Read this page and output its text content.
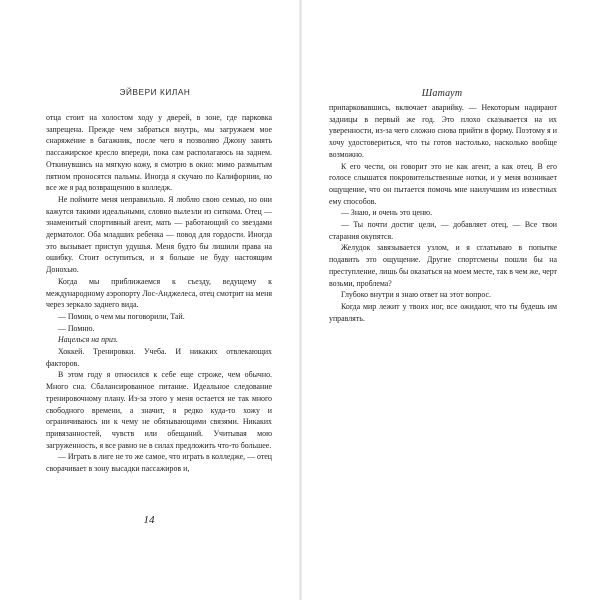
ЭЙВЕРИ КИЛАН

отца стоит на холостом ходу у дверей, в зоне, где парковка запрещена. Прежде чем забраться внутрь, мы загружаем мое снаряжение в багажник, после чего я позволяю Джону занять пассажирское кресло впереди, пока сам располагаюсь на заднем. Откинувшись на мягкую кожу, я смотрю в окно: мимо размытым пятном проносятся пальмы. Иногда я скучаю по Калифорнии, но все же я рад возвращению в колледж.

Не поймите меня неправильно. Я люблю свою семью, но они кажутся такими идеальными, словно вылезли из ситкома. Отец — знаменитый спортивный агент, мать — работающий со звездами дерматолог. Оба младших ребенка — повод для гордости. Иногда это вызывает приступ удушья. Меня будто бы лишили права на ошибку. Стоит оступиться, и я больше не буду настоящим Донохью.

Когда мы приближаемся к съезду, ведущему к международному аэропорту Лос-Анджелеса, отец смотрит на меня через зеркало заднего вида.

— Помни, о чем мы поговорили, Тай.

— Помню.

Нацелься на приз.

Хоккей. Тренировки. Учеба. И никаких отвлекающих факторов.

В этом году я относился к себе еще строже, чем обычно. Много сна. Сбалансированное питание. Идеальное следование тренировочному плану. Из-за этого у меня остается не так много свободного времени, а значит, я редко куда-то хожу и ограничиваюсь ни к чему не обязывающими связями. Никаких привязанностей, чувств или обещаний. Учитывая мою загруженность, я все равно не в силах предложить что-то большее.

— Играть в лиге не то же самое, что играть в колледже, — отец сворачивает в зону высадки пассажиров и,

14
Шатаут

припарковавшись, включает аварийку. — Некоторым надирают задницы в первый же год. Это плохо сказывается на их уверенности, из-за чего сложно снова прийти в форму. Поэтому я и хочу удостовериться, что ты готов настолько, насколько вообще возможно.

К его чести, он говорит это не как агент, а как отец. В его голосе слышатся покровительственные нотки, и у меня возникает ощущение, что он пытается помочь мне наилучшим из известных ему способов.

— Знаю, и очень это ценю.

— Ты почти достиг цели, — добавляет отец, — Все твои старания окупятся.

Желудок завязывается узлом, и я сглатываю в попытке подавить это ощущение. Другие спортсмены пошли бы на преступление, лишь бы оказаться на моем месте, так в чем же, черт возьми, проблема?

Глубоко внутри я знаю ответ на этот вопрос.

Когда мир лежит у твоих ног, все ожидают, что ты будешь им управлять.
